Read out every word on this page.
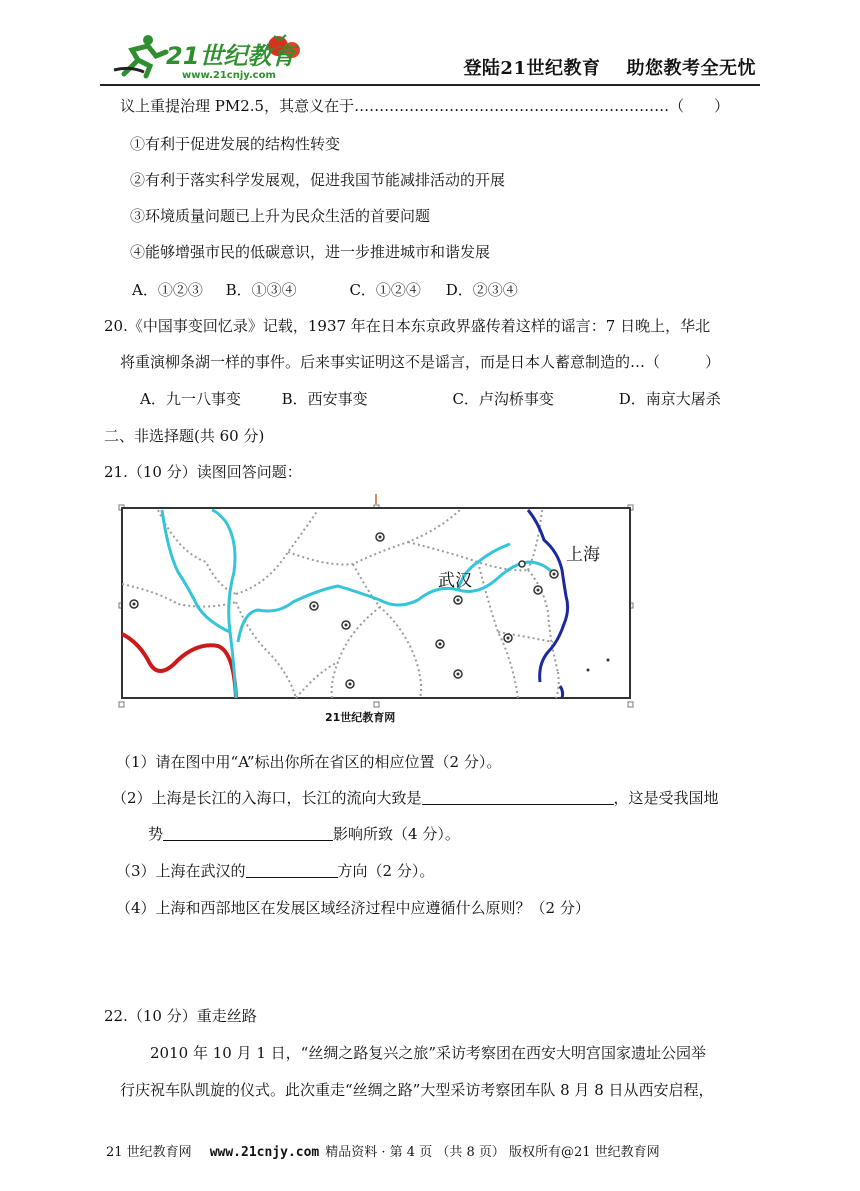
21世纪教育
www.21cnjy.com	登陆21世纪教育 助您教考全无忧
议上重提治理 PM2.5，其意义在于………………………………………………………（　　）
①有利于促进发展的结构性转变
②有利于落实科学发展观，促进我国节能减排活动的开展
③环境质量问题已上升为民众生活的首要问题
④能够增强市民的低碳意识，进一步推进城市和谐发展
A．①②③ B．①③④	C．①②④ D．②③④
20.《中国事变回忆录》记载，1937 年在日本东京政界盛传着这样的谣言：7 日晚上，华北
将重演柳条湖一样的事件。后来事实证明这不是谣言，而是日本人蓄意制造的…（　　　）
A．九一八事变	B．西安事变	C．卢沟桥事变	D．南京大屠杀
二、非选择题(共 60 分)
21.（10 分）读图回答问题：
武汉
上海
21世纪教育网
（1）请在图中用“A”标出你所在省区的相应位置（2 分）。
（2）上海是长江的入海口，长江的流向大致是	，这是受我国地
势	影响所致（4 分）。
（3）上海在武汉的	方向（2 分）。
（4）上海和西部地区在发展区域经济过程中应遵循什么原则？（2 分）
22.（10 分）重走丝路
2010 年 10 月 1 日，“丝绸之路复兴之旅”采访考察团在西安大明宫国家遗址公园举
行庆祝车队凯旋的仪式。此次重走“丝绸之路”大型采访考察团车队 8 月 8 日从西安启程，
21 世纪教育网 www.21cnjy.com 精品资料 · 第 4 页 （共 8 页） 版权所有@21 世纪教育网
